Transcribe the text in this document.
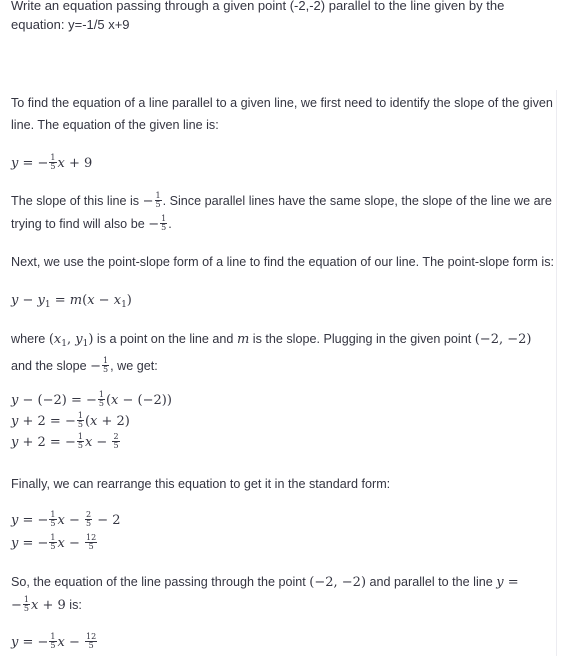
Write an equation passing through a given point (-2,-2) parallel to the line given by the equation: y=-1/5 x+9
To find the equation of a line parallel to a given line, we first need to identify the slope of the given
line. The equation of the given line is:
y = − $\frac{1}{5}$ x + 9
The slope of this line is − $\frac{1}{5}$ . Since parallel lines have the same slope, the slope of the line we are
trying to find will also be − $\frac{1}{5}$ .
Next, we use the point-slope form of a line to find the equation of our line. The point-slope form is:
$y - y_1 = m(x - x_1)$
where ($x_1$, $y_1$) is a point on the line and m is the slope. Plugging in the given point (−2, −2)
and the slope − $\frac{1}{5}$ , we get:
y − (−2) = − $\frac{1}{5} (x - (-2))$
y + 2 = − $\frac{1}{5} (x + 2)$
y + 2 = − $\frac{1}{5}$ $x - \frac{2}{5}$
Finally, we can rearrange this equation to get it in the standard form:
y = − $\frac{1}{5}$ $x - \frac{2}{5} - 2$
y = − $\frac{1}{5}$ $x - \frac{12}{5}$
So, the equation of the line passing through the point (−2, −2) and parallel to the line y =
− $\frac{1}{5}$ x + 9 is:
y = − $\frac{1}{5}$ $x - \frac{12}{5}$
